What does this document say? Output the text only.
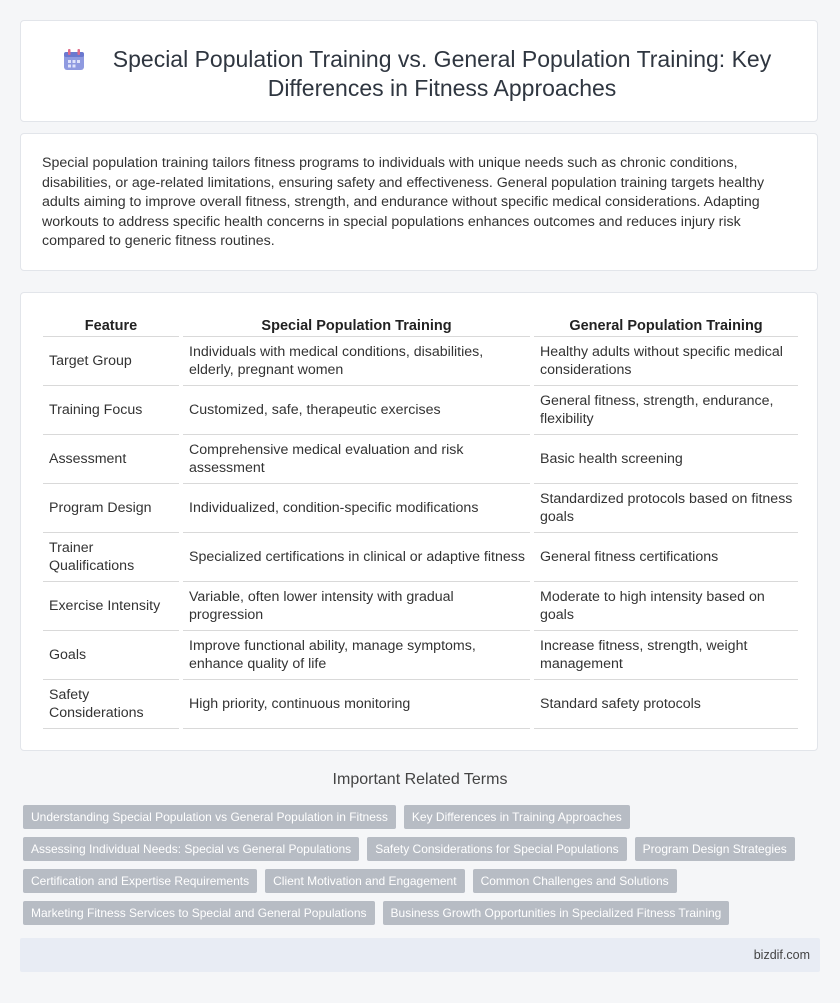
Special Population Training vs. General Population Training: Key Differences in Fitness Approaches

Special population training tailors fitness programs to individuals with unique needs such as chronic conditions, disabilities, or age-related limitations, ensuring safety and effectiveness. General population training targets healthy adults aiming to improve overall fitness, strength, and endurance without specific medical considerations. Adapting workouts to address specific health concerns in special populations enhances outcomes and reduces injury risk compared to generic fitness routines.

Feature		Special Population Training		General Population Training
Target Group		Individuals with medical conditions, disabilities, elderly, pregnant women		Healthy adults without specific medical considerations
Training Focus		Customized, safe, therapeutic exercises		General fitness, strength, endurance, flexibility
Assessment		Comprehensive medical evaluation and risk assessment		Basic health screening
Program Design		Individualized, condition-specific modifications		Standardized protocols based on fitness goals
Trainer Qualifications		Specialized certifications in clinical or adaptive fitness		General fitness certifications
Exercise Intensity		Variable, often lower intensity with gradual progression		Moderate to high intensity based on goals
Goals		Improve functional ability, manage symptoms, enhance quality of life		Increase fitness, strength, weight management
Safety Considerations		High priority, continuous monitoring		Standard safety protocols
Important Related Terms
Understanding Special Population vs General Population in Fitness	Key Differences in Training Approaches
Assessing Individual Needs: Special vs General Populations	Safety Considerations for Special Populations	Program Design Strategies
Certification and Expertise Requirements	Client Motivation and Engagement	Common Challenges and Solutions
Marketing Fitness Services to Special and General Populations	Business Growth Opportunities in Specialized Fitness Training
bizdif.com
